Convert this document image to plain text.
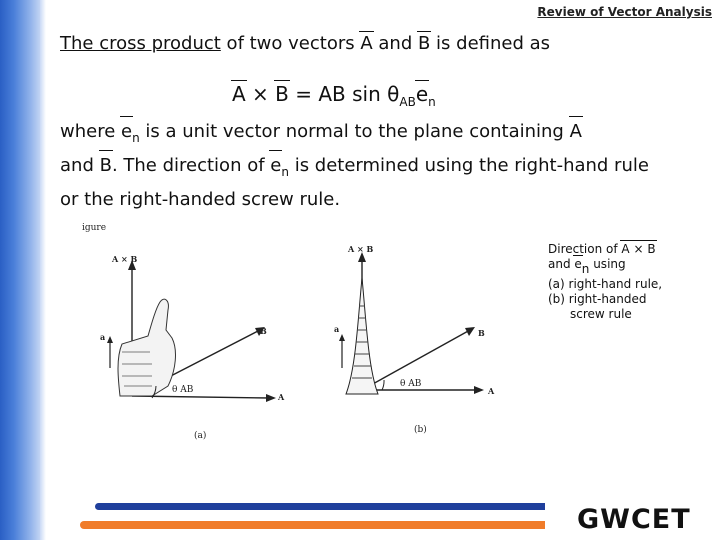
Review of Vector Analysis
The cross product of two vectors A and B is defined as
A × B = AB $\sin \theta_{AB}e_n$
where $e_n$ is a unit vector normal to the plane containing A
and B. The direction of $e_n$ is determined using the right-hand rule or the right-handed screw rule.
igure
A × B
B
A
a
θ AB
(a)
A × B
B
A
a
θ AB
(b)
Direction of A × B
and en using
(a) right-hand rule,
(b) right-handed
screw rule
GWCET
